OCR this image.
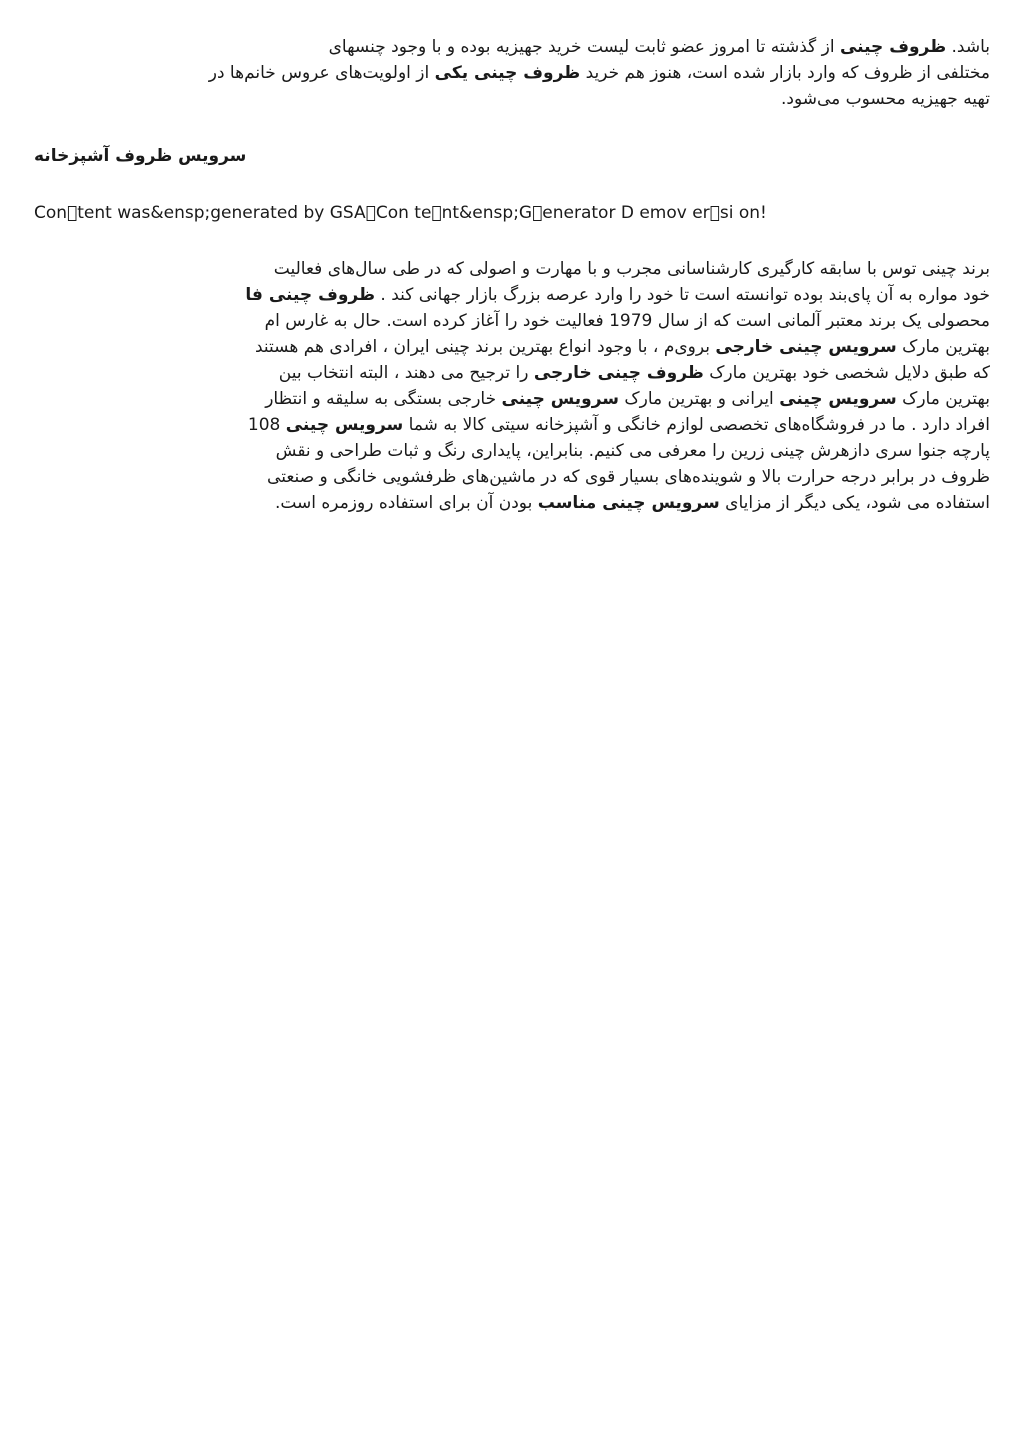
باشد. ظروف چینی از گذشته تا امروز عضو ثابت لیست خرید جهیزیه بوده و با وجود چنسهای

مختلفی از ظروف که وارد بازار شده است، هنوز هم خرید ظروف چینی یکی از اولویت‌های عروس خانم‌ها در

تهیه جهیزیه محسوب می‌شود.

سرویس ظروف آشپزخانه

Con tent was&ensp;generated by GSA Con te nt&ensp;G enerator D emov er si on!

برند چینی توس با سابقه کارگیری کارشناسانی مجرب و با مهارت و اصولی که در طی سال‌های فعالیت

خود مواره به آن پای‌بند بوده توانسته است تا خود را وارد عرصه بزرگ بازار جهانی کند . ظروف چینی فا

محصولی یک برند معتبر آلمانی است که از سال 1979 فعالیت خود را آغاز کرده است. حال به غارس ام

بهترین مارک سرویس چینی خارجی بروی‌م ، با وجود انواع بهترین برند چینی ایران ، افرادی هم هستند

که طبق دلایل شخصی خود بهترین مارک ظروف چینی خارجی را ترجیح می دهند ، البته انتخاب بین

بهترین مارک سرویس چینی ایرانی و بهترین مارک سرویس چینی خارجی بستگی به سلیقه و انتظار

افراد دارد . ما در فروشگاه‌های تخصصی لوازم خانگی و آشپزخانه سیتی کالا به شما سرویس چینی 108

پارچه جنوا سری دازهرش چینی زرین را معرفی می کنیم. بنابراین، پایداری رنگ و ثبات طراحی و نقش

ظروف در برابر درجه حرارت بالا و شوینده‌های بسیار قوی که در ماشین‌های ظرفشویی خانگی و صنعتی

استفاده می شود، یکی دیگر از مزایای سرویس چینی مناسب بودن آن برای استفاده روزمره است.
